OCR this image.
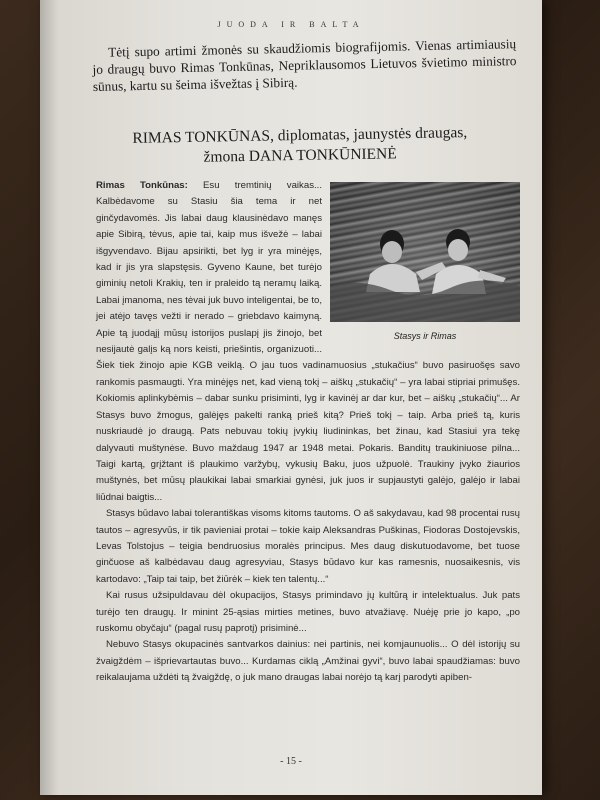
JUODA IR BALTA
Tėtį supo artimi žmonės su skaudžiomis biografijomis. Vienas artimiausių jo draugų buvo Rimas Tonkūnas, Nepriklausomos Lietuvos švietimo ministro sūnus, kartu su šeima išvežtas į Sibirą.
RIMAS TONKŪNAS, diplomatas, jaunystės draugas,
žmona DANA TONKŪNIENĖ
Stasys ir Rimas

Rimas Tonkūnas: Esu tremtinių vaikas... Kalbėdavome su Stasiu šia tema ir net ginčydavomės. Jis labai daug klausinėdavo manęs apie Sibirą, tėvus, apie tai, kaip mus išvežė – labai išgyvendavo. Bijau apsirikti, bet lyg ir yra minėjęs, kad ir jis yra slapstęsis. Gyveno Kaune, bet turėjo giminių netoli Krakių, ten ir praleido tą neramų laiką. Labai įmanoma, nes tėvai juk buvo inteligentai, be to, jei atėjo tavęs vežti ir nerado – griebdavo kaimyną. Apie tą juodąjį mūsų istorijos puslapį jis žinojo, bet nesijautė galįs ką nors keisti, priešintis, organizuoti... Šiek tiek žinojo apie KGB veiklą. O jau tuos vadinamuosius „stukačius“ buvo pasiruošęs savo rankomis pasmaugti. Yra minėjęs net, kad vieną tokį – aiškų „stukačių“ – yra labai stipriai primušęs. Kokiomis aplinkybėmis – dabar sunku prisiminti, lyg ir kavinėj ar dar kur, bet – aiškų „stukačių“... Ar Stasys buvo žmogus, galėjęs pakelti ranką prieš kitą? Prieš tokį – taip. Arba prieš tą, kuris nuskriaudė jo draugą. Pats nebuvau tokių įvykių liudininkas, bet žinau, kad Stasiui yra tekę dalyvauti muštynėse. Buvo maždaug 1947 ar 1948 metai. Pokaris. Banditų traukiniuose pilna... Taigi kartą, grįžtant iš plaukimo varžybų, vykusių Baku, juos užpuolė. Traukiny įvyko žiaurios muštynės, bet mūsų plaukikai labai smarkiai gynėsi, juk juos ir supjaustyti galėjo, galėjo ir labai liūdnai baigtis...

Stasys būdavo labai tolerantiškas visoms kitoms tautoms. O aš sakydavau, kad 98 procentai rusų tautos – agresyvūs, ir tik pavieniai protai – tokie kaip Aleksandras Puškinas, Fiodoras Dostojevskis, Levas Tolstojus – teigia bendruosius moralės principus. Mes daug diskutuodavome, bet tuose ginčuose aš kalbėdavau daug agresyviau, Stasys būdavo kur kas ramesnis, nuosaikesnis, vis kartodavo: „Taip tai taip, bet žiūrėk – kiek ten talentų...“

Kai rusus užsipuldavau dėl okupacijos, Stasys primindavo jų kultūrą ir intelektualus. Juk pats turėjo ten draugų. Ir minint 25-ąsias mirties metines, buvo atvažiavę. Nuėję prie jo kapo, „po ruskomu obyčaju“ (pagal rusų paprotį) prisiminė...

Nebuvo Stasys okupacinės santvarkos dainius: nei partinis, nei komjaunuolis... O dėl istorijų su žvaigždėm – išprievartautas buvo... Kurdamas ciklą „Amžinai gyvi“, buvo labai spaudžiamas: buvo reikalaujama uždėti tą žvaigždę, o juk mano draugas labai norėjo tą karį parodyti apiben-

- 15 -
